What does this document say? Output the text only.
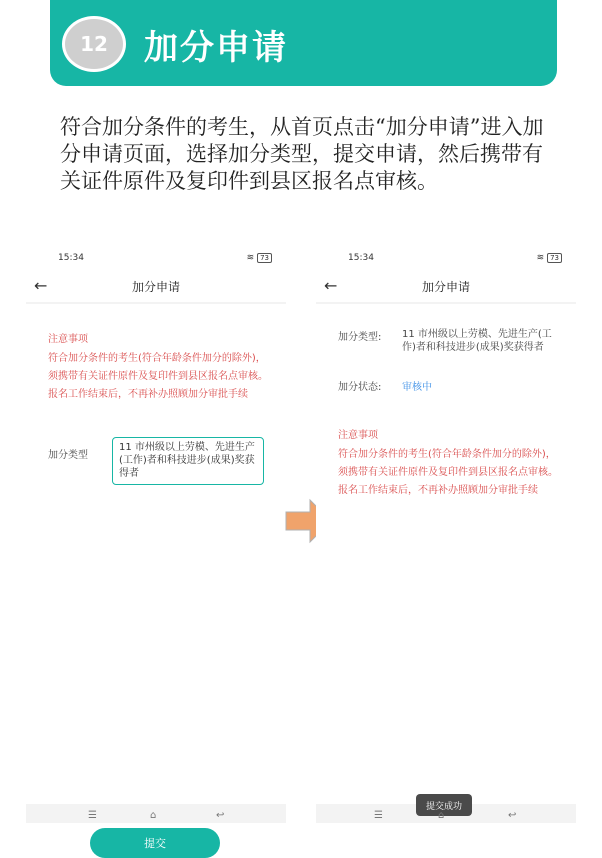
12	加分申请
符合加分条件的考生，从首页点击“加分申请”进入加分申请页面，选择加分类型，提交申请，然后携带有关证件原件及复印件到县区报名点审核。
15:34	≋ 73
←	加分申请
注意事项
符合加分条件的考生(符合年龄条件加分的除外)，须携带有关证件原件及复印件到县区报名点审核。报名工作结束后，不再补办照顾加分审批手续
加分类型
11 市州级以上劳模、先进生产(工作)者和科技进步(成果)奖获得者
提交
☰	⌂	↩
15:34	≋ 73
←	加分申请
加分类型: 11 市州级以上劳模、先进生产(工作)者和科技进步(成果)奖获得者
加分状态: 审核中
注意事项
符合加分条件的考生(符合年龄条件加分的除外)，须携带有关证件原件及复印件到县区报名点审核。报名工作结束后，不再补办照顾加分审批手续
提交成功
☰	⌂	↩
